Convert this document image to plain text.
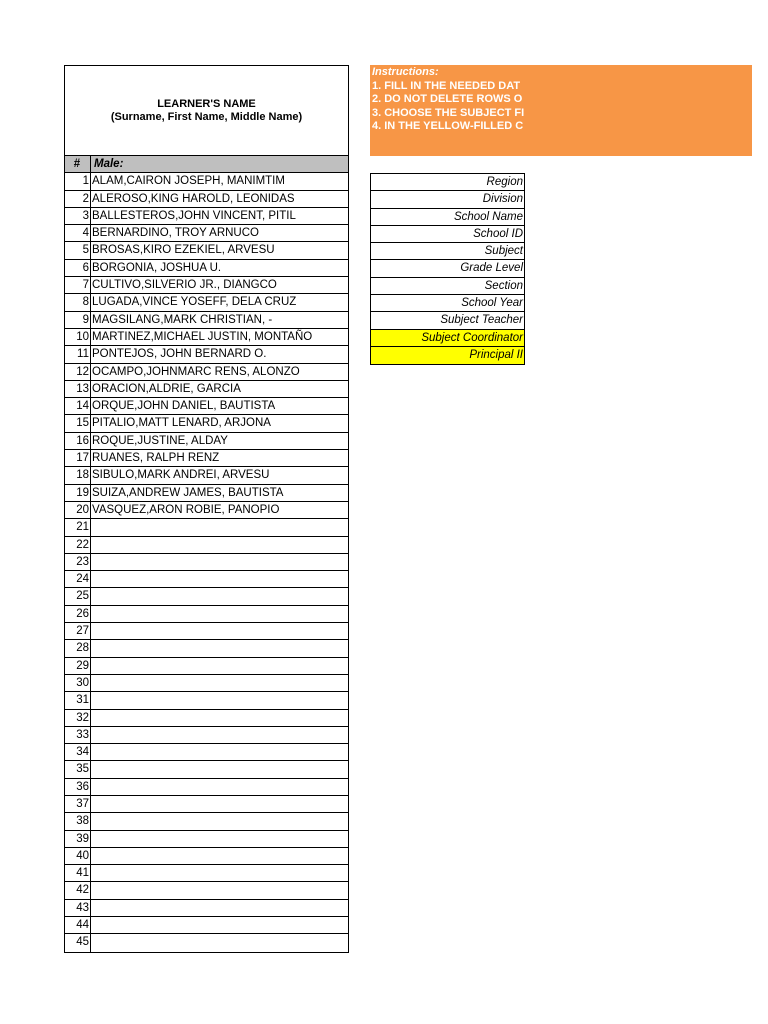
LEARNER'S NAME
(Surname, First Name, Middle Name)
#	Male:
1 ALAM,CAIRON JOSEPH, MANIMTIM
2 ALEROSO,KING HAROLD, LEONIDAS
3 BALLESTEROS,JOHN VINCENT, PITIL
4 BERNARDINO, TROY ARNUCO
5 BROSAS,KIRO EZEKIEL, ARVESU
6 BORGONIA, JOSHUA U.
7 CULTIVO,SILVERIO JR., DIANGCO
8 LUGADA,VINCE YOSEFF, DELA CRUZ
9 MAGSILANG,MARK CHRISTIAN, -
10 MARTINEZ,MICHAEL JUSTIN, MONTAÑO
11 PONTEJOS, JOHN BERNARD O.
12 OCAMPO,JOHNMARC RENS, ALONZO
13 ORACION,ALDRIE, GARCIA
14 ORQUE,JOHN DANIEL, BAUTISTA
15 PITALIO,MATT LENARD, ARJONA
16 ROQUE,JUSTINE, ALDAY
17 RUANES, RALPH RENZ
18 SIBULO,MARK ANDREI, ARVESU
19 SUIZA,ANDREW JAMES, BAUTISTA
20 VASQUEZ,ARON ROBIE, PANOPIO
21
22
23
24
25
26
27
28
29
30
31
32
33
34
35
36
37
38
39
40
41
42
43
44
45
Instructions:
1. FILL IN THE NEEDED DAT
2. DO NOT DELETE ROWS O
3. CHOOSE THE SUBJECT FI
4. IN THE YELLOW-FILLED C
Region
Division
School Name
School ID
Subject
Grade Level
Section
School Year
Subject Teacher
Subject Coordinator
Principal II
